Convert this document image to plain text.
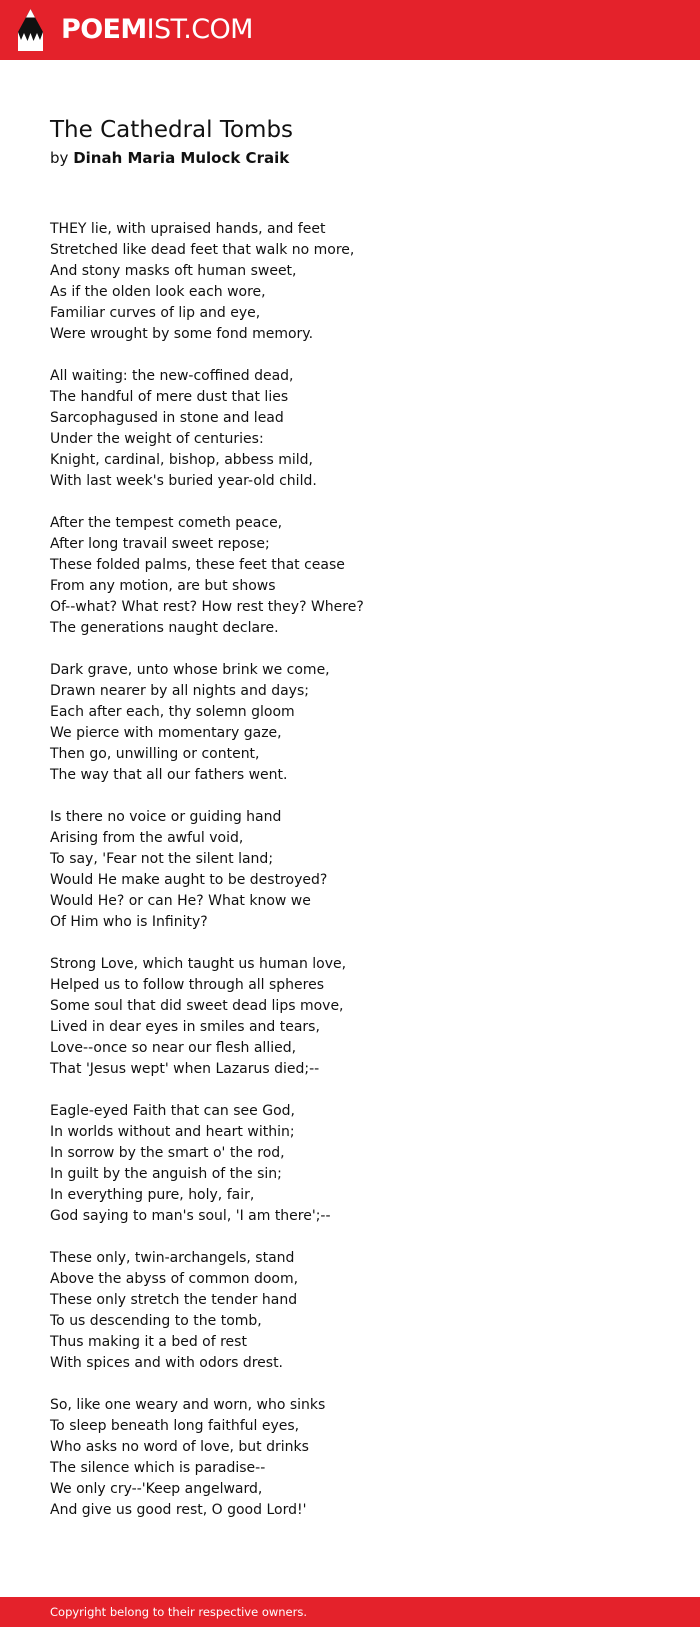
POEMIST.COM
The Cathedral Tombs
by Dinah Maria Mulock Craik
THEY lie, with upraised hands, and feet
Stretched like dead feet that walk no more,
And stony masks oft human sweet,
As if the olden look each wore,
Familiar curves of lip and eye,
Were wrought by some fond memory.
All waiting: the new-coffined dead,
The handful of mere dust that lies
Sarcophagused in stone and lead
Under the weight of centuries:
Knight, cardinal, bishop, abbess mild,
With last week's buried year-old child.
After the tempest cometh peace,
After long travail sweet repose;
These folded palms, these feet that cease
From any motion, are but shows
Of--what? What rest? How rest they? Where?
The generations naught declare.
Dark grave, unto whose brink we come,
Drawn nearer by all nights and days;
Each after each, thy solemn gloom
We pierce with momentary gaze,
Then go, unwilling or content,
The way that all our fathers went.
Is there no voice or guiding hand
Arising from the awful void,
To say, 'Fear not the silent land;
Would He make aught to be destroyed?
Would He? or can He? What know we
Of Him who is Infinity?
Strong Love, which taught us human love,
Helped us to follow through all spheres
Some soul that did sweet dead lips move,
Lived in dear eyes in smiles and tears,
Love--once so near our flesh allied,
That 'Jesus wept' when Lazarus died;--
Eagle-eyed Faith that can see God,
In worlds without and heart within;
In sorrow by the smart o' the rod,
In guilt by the anguish of the sin;
In everything pure, holy, fair,
God saying to man's soul, 'I am there';--
These only, twin-archangels, stand
Above the abyss of common doom,
These only stretch the tender hand
To us descending to the tomb,
Thus making it a bed of rest
With spices and with odors drest.
So, like one weary and worn, who sinks
To sleep beneath long faithful eyes,
Who asks no word of love, but drinks
The silence which is paradise--
We only cry--'Keep angelward,
And give us good rest, O good Lord!'
Copyright belong to their respective owners.
